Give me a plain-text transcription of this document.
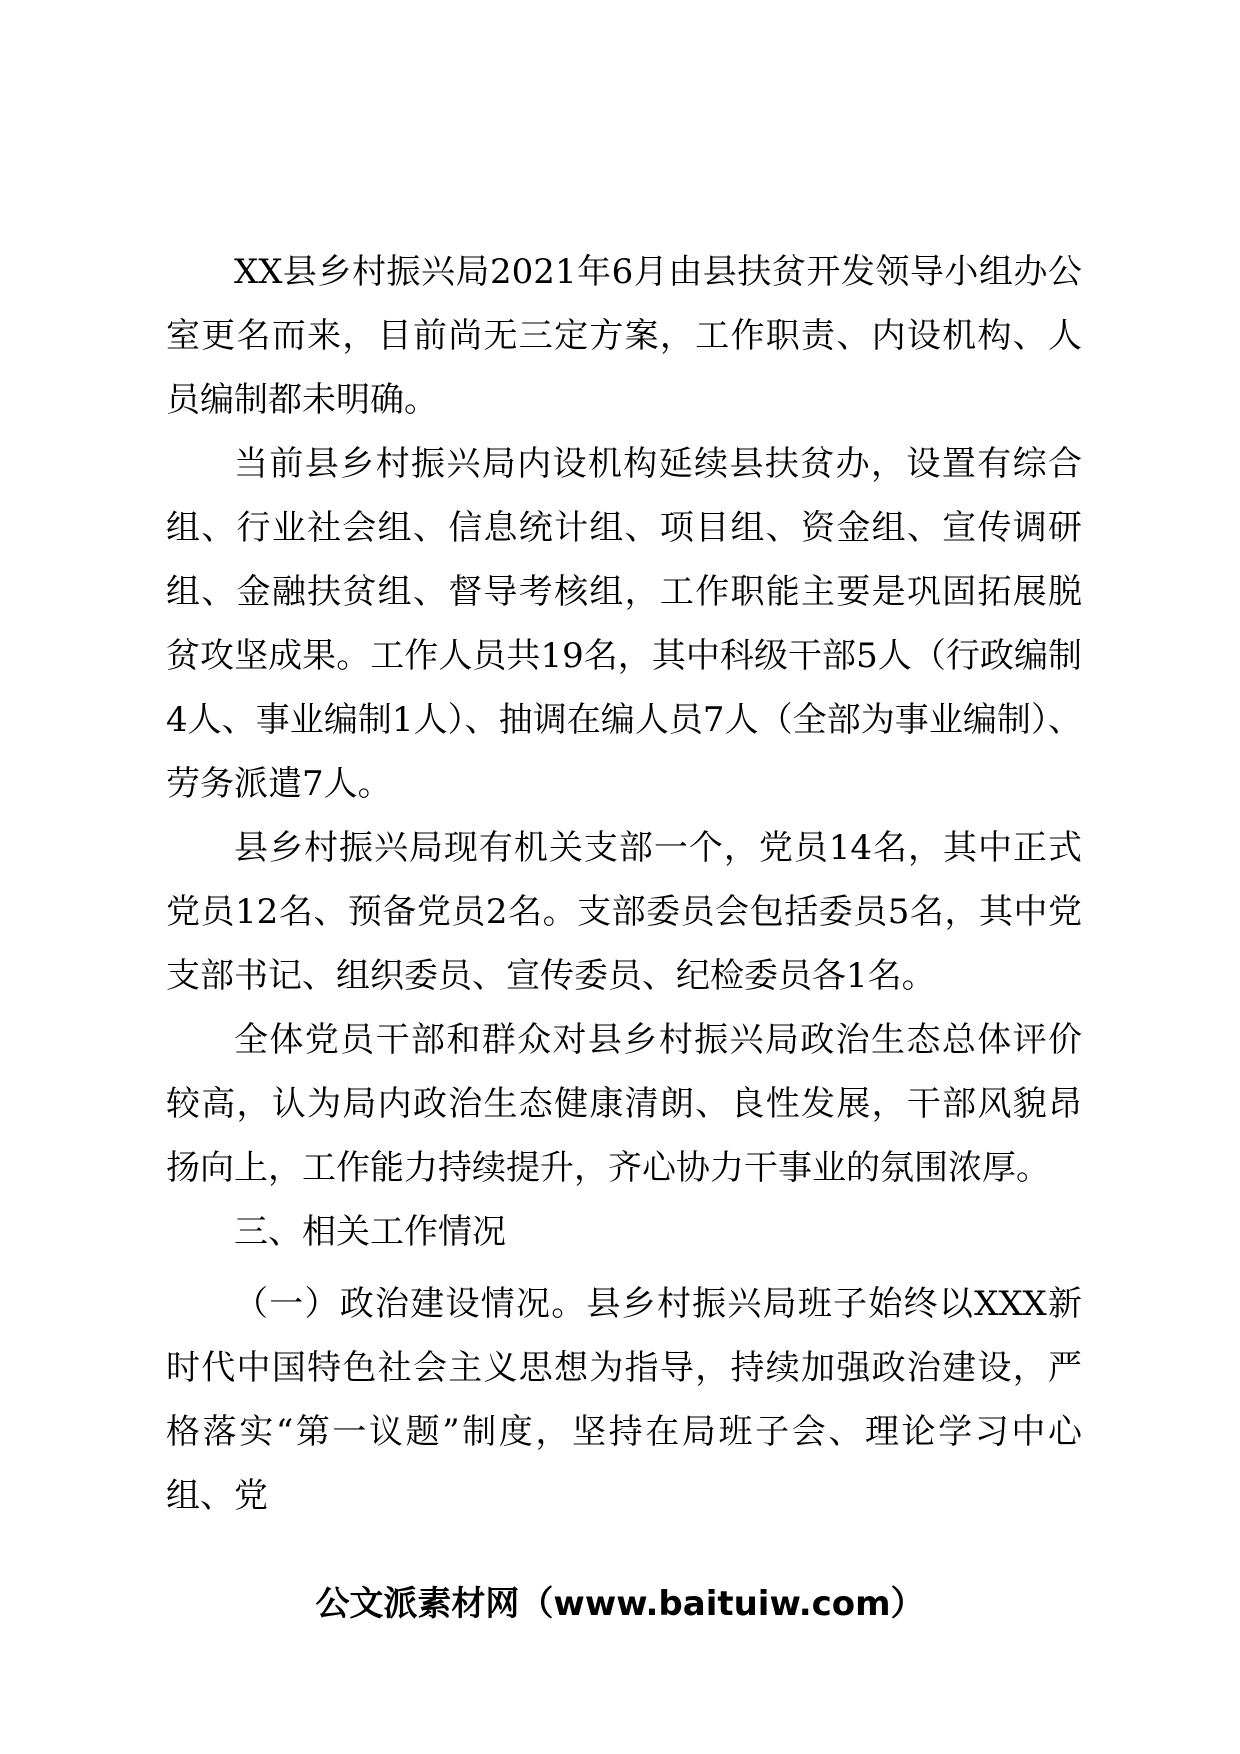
XX县乡村振兴局2021年6月由县扶贫开发领导小组办公室更名而来，目前尚无三定方案，工作职责、内设机构、人员编制都未明确。

当前县乡村振兴局内设机构延续县扶贫办，设置有综合组、行业社会组、信息统计组、项目组、资金组、宣传调研组、金融扶贫组、督导考核组，工作职能主要是巩固拓展脱贫攻坚成果。工作人员共19名，其中科级干部5人（行政编制4人、事业编制1人）、抽调在编人员7人（全部为事业编制）、劳务派遣7人。

县乡村振兴局现有机关支部一个，党员14名，其中正式党员12名、预备党员2名。支部委员会包括委员5名，其中党支部书记、组织委员、宣传委员、纪检委员各1名。

全体党员干部和群众对县乡村振兴局政治生态总体评价较高，认为局内政治生态健康清朗、良性发展，干部风貌昂扬向上，工作能力持续提升，齐心协力干事业的氛围浓厚。

三、相关工作情况

（一）政治建设情况。县乡村振兴局班子始终以XXX新时代中国特色社会主义思想为指导，持续加强政治建设，严格落实“第一议题”制度，坚持在局班子会、理论学习中心组、党

公文派素材网（www.baituiw.com）
